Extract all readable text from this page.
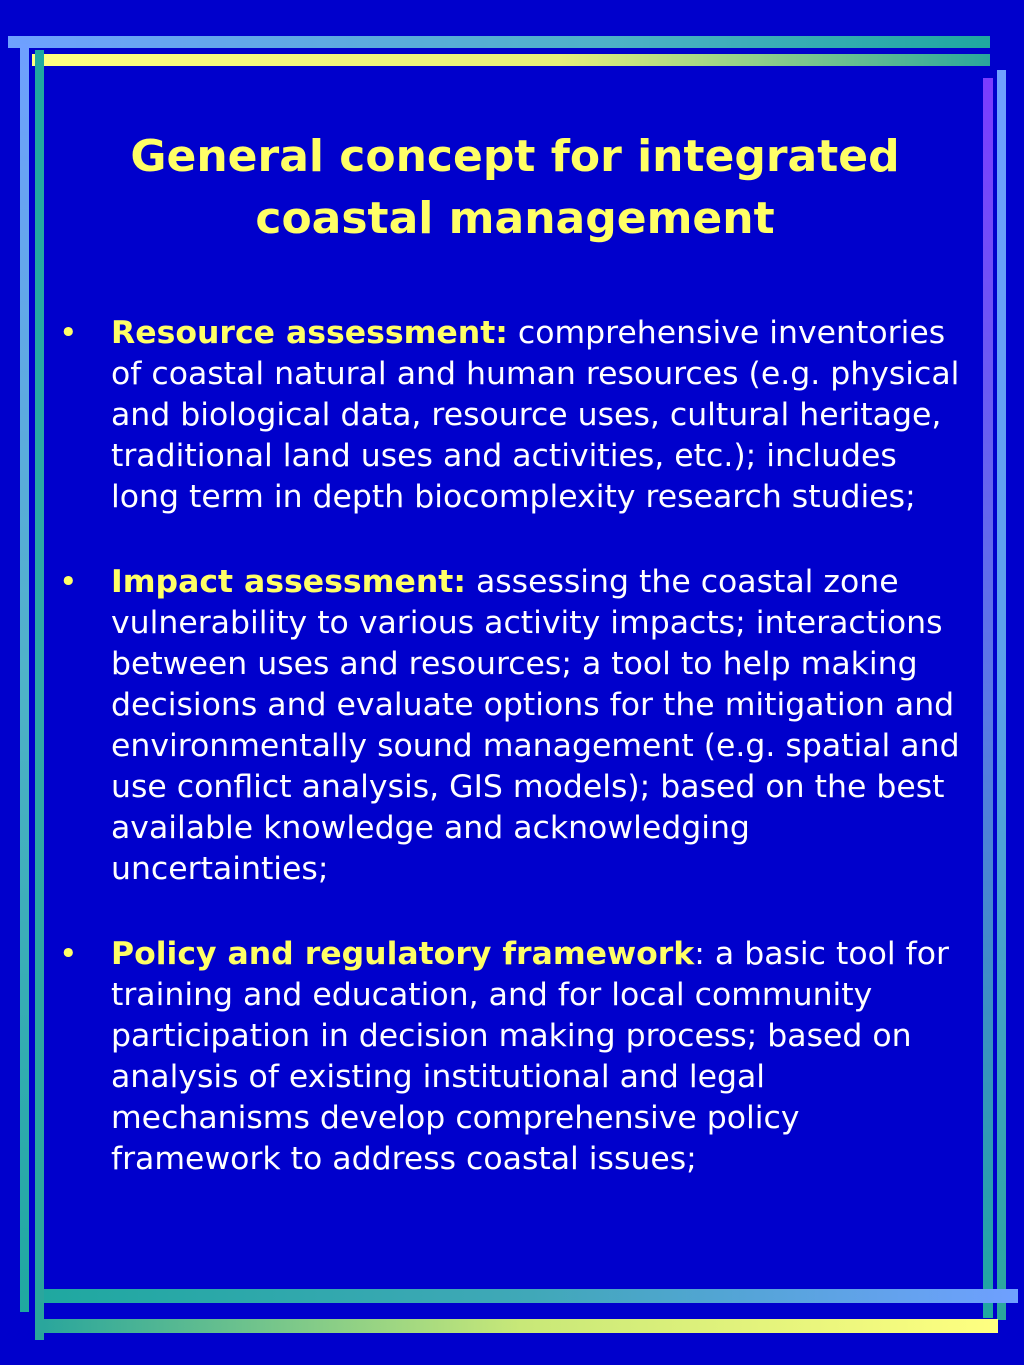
General concept for integrated coastal management
• Resource assessment: comprehensive inventories of coastal natural and human resources (e.g. physical and biological data, resource uses, cultural heritage, traditional land uses and activities, etc.); includes long term in depth biocomplexity research studies;
• Impact assessment: assessing the coastal zone vulnerability to various activity impacts; interactions between uses and resources; a tool to help making decisions and evaluate options for the mitigation and environmentally sound management (e.g. spatial and use conflict analysis, GIS models); based on the best available knowledge and acknowledging uncertainties;
• Policy and regulatory framework: a basic tool for training and education, and for local community participation in decision making process; based on analysis of existing institutional and legal mechanisms develop comprehensive policy framework to address coastal issues;
